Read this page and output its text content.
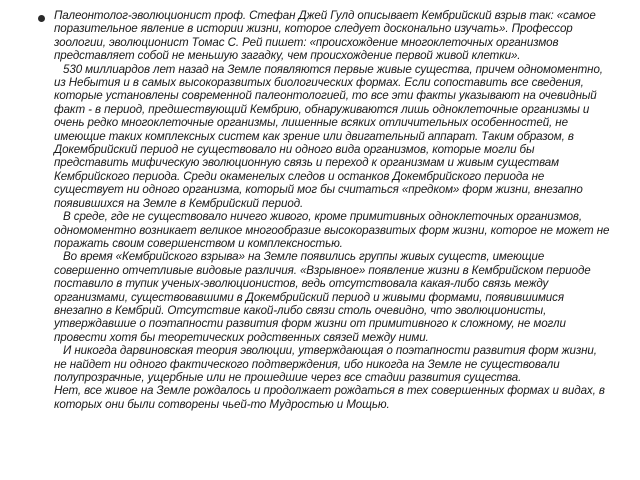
Палеонтолог-эволюционист проф. Стефан Джей Гулд описывает Кембрийский взрыв так: «самое поразительное явление в истории жизни, которое следует досконально изучать». Профессор зоологии, эволюционист Томас С. Рей пишет: «происхождение многоклеточных организмов представляет собой не меньшую загадку, чем происхождение первой живой клетки».

530 миллиардов лет назад на Земле появляются первые живые существа, причем одномоментно, из Небытия и в самых высокоразвитых биологических формах. Если сопоставить все сведения, которые установлены современной палеонтологией, то все эти факты указывают на очевидный факт - в период, предшествующий Кембрию, обнаруживаются лишь одноклеточные организмы и очень редко многоклеточные организмы, лишенные всяких отличительных особенностей, не имеющие таких комплексных систем как зрение или двигательный аппарат. Таким образом, в Докембрийский период не существовало ни одного вида организмов, которые могли бы представить мифическую эволюционную связь и переход к организмам и живым существам Кембрийского периода. Среди окаменелых следов и останков Докембрийского периода не существует ни одного организма, который мог бы считаться «предком» форм жизни, внезапно появившихся на Земле в Кембрийский период.

В среде, где не существовало ничего живого, кроме примитивных одноклеточных организмов, одномоментно возникает великое многообразие высокоразвитых форм жизни, которое не может не поражать своим совершенством и комплексностью.

Во время «Кембрийского взрыва» на Земле появились группы живых существ, имеющие совершенно отчетливые видовые различия. «Взрывное» появление жизни в Кембрийском периоде поставило в тупик ученых-эволюционистов, ведь отсутствовала какая-либо связь между организмами, существовавшими в Докембрийский период и живыми формами, появившимися внезапно в Кембрий. Отсутствие какой-либо связи столь очевидно, что эволюционисты, утверждавшие о поэтапности развития форм жизни от примитивного к сложному, не могли провести хотя бы теоретических родственных связей между ними.

И никогда дарвиновская теория эволюции, утверждающая о поэтапности развития форм жизни, не найдет ни одного фактического подтверждения, ибо никогда на Земле не существовали полупрозрачные, ущербные или не прошедшие через все стадии развития существа.

Нет, все живое на Земле рождалось и продолжает рождаться в тех совершенных формах и видах, в которых они были сотворены чьей-то Мудростью и Мощью.
